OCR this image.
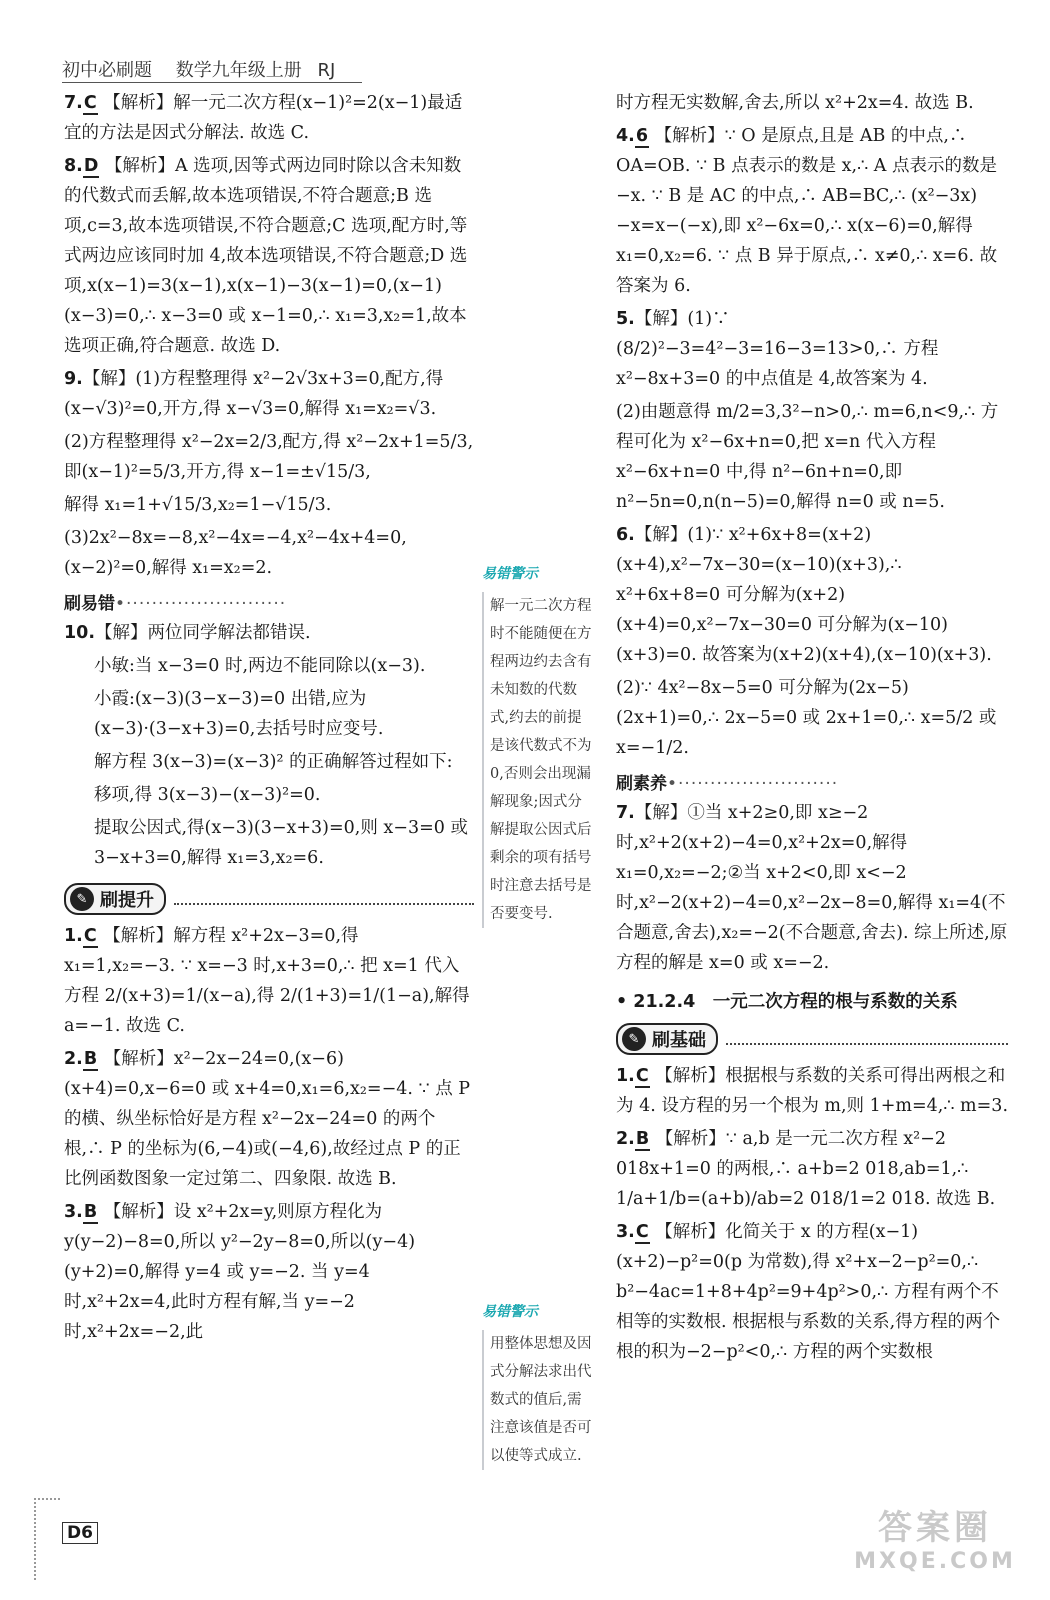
初中必刷题 数学九年级上册 RJ

7.C 【解析】解一元二次方程(x−1)²=2(x−1)最适宜的方法是因式分解法. 故选 C.

8.D 【解析】A 选项,因等式两边同时除以含未知数的代数式而丢解,故本选项错误,不符合题意;B 选项,c=3,故本选项错误,不符合题意;C 选项,配方时,等式两边应该同时加 4,故本选项错误,不符合题意;D 选项,x(x−1)=3(x−1),x(x−1)−3(x−1)=0,(x−1)(x−3)=0,∴ x−3=0 或 x−1=0,∴ x₁=3,x₂=1,故本选项正确,符合题意. 故选 D.

9.【解】(1)方程整理得 x²−2√3x+3=0,配方,得(x−√3)²=0,开方,得 x−√3=0,解得 x₁=x₂=√3.

(2)方程整理得 x²−2x=2/3,配方,得 x²−2x+1=5/3,即(x−1)²=5/3,开方,得 x−1=±√15/3,

解得 x₁=1+√15/3,x₂=1−√15/3.

(3)2x²−8x=−8,x²−4x=−4,x²−4x+4=0,(x−2)²=0,解得 x₁=x₂=2.

刷易错•·························

10.【解】两位同学解法都错误.

小敏:当 x−3=0 时,两边不能同除以(x−3).

小霞:(x−3)(3−x−3)=0 出错,应为(x−3)·(3−x+3)=0,去括号时应变号.

解方程 3(x−3)=(x−3)² 的正确解答过程如下:

移项,得 3(x−3)−(x−3)²=0.

提取公因式,得(x−3)(3−x+3)=0,则 x−3=0 或 3−x+3=0,解得 x₁=3,x₂=6.

✎ 刷提升

1.C 【解析】解方程 x²+2x−3=0,得 x₁=1,x₂=−3. ∵ x=−3 时,x+3=0,∴ 把 x=1 代入方程 2/(x+3)=1/(x−a),得 2/(1+3)=1/(1−a),解得 a=−1. 故选 C.

2.B 【解析】x²−2x−24=0,(x−6)(x+4)=0,x−6=0 或 x+4=0,x₁=6,x₂=−4. ∵ 点 P 的横、纵坐标恰好是方程 x²−2x−24=0 的两个根,∴ P 的坐标为(6,−4)或(−4,6),故经过点 P 的正比例函数图象一定过第二、四象限. 故选 B.

3.B 【解析】设 x²+2x=y,则原方程化为 y(y−2)−8=0,所以 y²−2y−8=0,所以(y−4)(y+2)=0,解得 y=4 或 y=−2. 当 y=4 时,x²+2x=4,此时方程有解,当 y=−2 时,x²+2x=−2,此

易错警示
解一元二次方程时不能随便在方程两边约去含有未知数的代数式,约去的前提是该代数式不为 0,否则会出现漏解现象;因式分解提取公因式后剩余的项有括号时注意去括号是否要变号.
易错警示
用整体思想及因式分解法求出代数式的值后,需注意该值是否可以使等式成立.

时方程无实数解,舍去,所以 x²+2x=4. 故选 B.

4.6 【解析】∵ O 是原点,且是 AB 的中点,∴ OA=OB. ∵ B 点表示的数是 x,∴ A 点表示的数是−x. ∵ B 是 AC 的中点,∴ AB=BC,∴ (x²−3x)−x=x−(−x),即 x²−6x=0,∴ x(x−6)=0,解得 x₁=0,x₂=6. ∵ 点 B 异于原点,∴ x≠0,∴ x=6. 故答案为 6.

5.【解】(1)∵ (8/2)²−3=4²−3=16−3=13>0,∴ 方程 x²−8x+3=0 的中点值是 4,故答案为 4.

(2)由题意得 m/2=3,3²−n>0,∴ m=6,n<9,∴ 方程可化为 x²−6x+n=0,把 x=n 代入方程 x²−6x+n=0 中,得 n²−6n+n=0,即 n²−5n=0,n(n−5)=0,解得 n=0 或 n=5.

6.【解】(1)∵ x²+6x+8=(x+2)(x+4),x²−7x−30=(x−10)(x+3),∴ x²+6x+8=0 可分解为(x+2)(x+4)=0,x²−7x−30=0 可分解为(x−10)(x+3)=0. 故答案为(x+2)(x+4),(x−10)(x+3).

(2)∵ 4x²−8x−5=0 可分解为(2x−5)(2x+1)=0,∴ 2x−5=0 或 2x+1=0,∴ x=5/2 或 x=−1/2.

刷素养•·························

7.【解】①当 x+2≥0,即 x≥−2 时,x²+2(x+2)−4=0,x²+2x=0,解得 x₁=0,x₂=−2;②当 x+2<0,即 x<−2 时,x²−2(x+2)−4=0,x²−2x−8=0,解得 x₁=4(不合题意,舍去),x₂=−2(不合题意,舍去). 综上所述,原方程的解是 x=0 或 x=−2.

• 21.2.4　一元二次方程的根与系数的关系
✎ 刷基础

1.C 【解析】根据根与系数的关系可得出两根之和为 4. 设方程的另一个根为 m,则 1+m=4,∴ m=3.

2.B 【解析】∵ a,b 是一元二次方程 x²−2 018x+1=0 的两根,∴ a+b=2 018,ab=1,∴ 1/a+1/b=(a+b)/ab=2 018/1=2 018. 故选 B.

3.C 【解析】化简关于 x 的方程(x−1)(x+2)−p²=0(p 为常数),得 x²+x−2−p²=0,∴ b²−4ac=1+8+4p²=9+4p²>0,∴ 方程有两个不相等的实数根. 根据根与系数的关系,得方程的两个根的积为−2−p²<0,∴ 方程的两个实数根

D6	答案圈
MXQE.COM
